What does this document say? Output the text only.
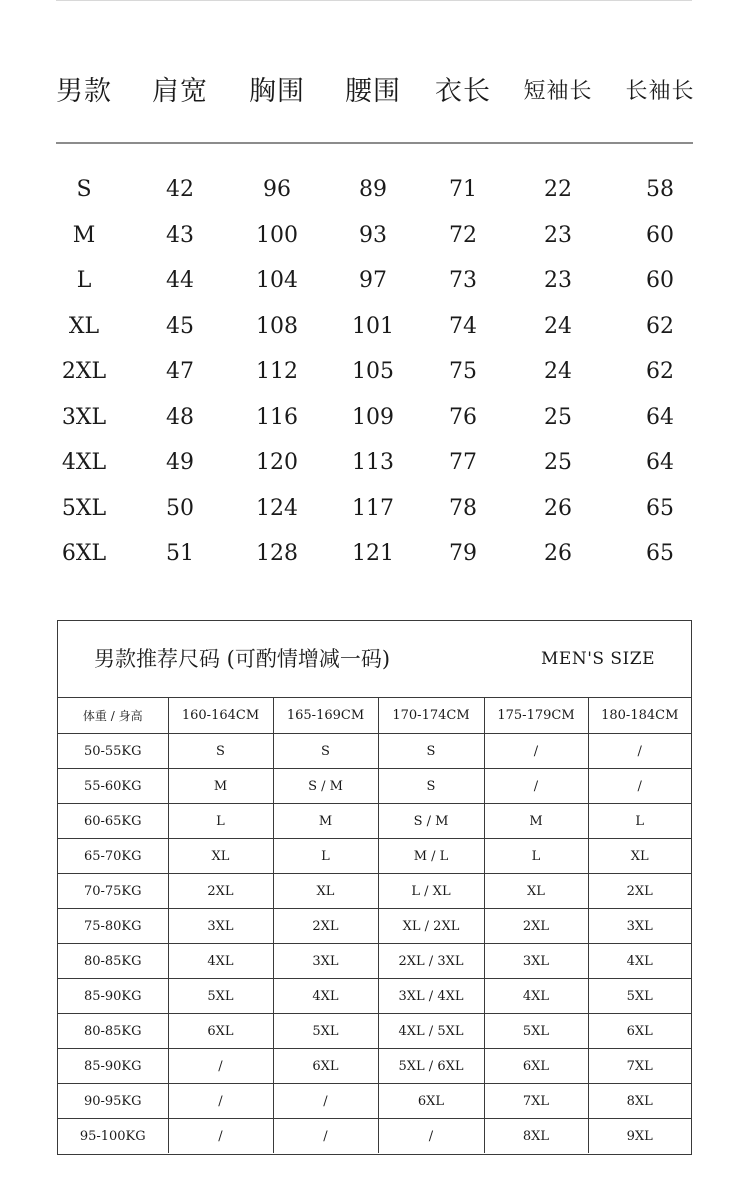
男款 肩宽 胸围 腰围 衣长 短袖长 长袖长
S	42	96	89	71	22	58
M	43	100	93	72	23	60
L	44	104	97	73	23	60
XL	45	108 101	74	24	62
2XL	47	112 105	75	24	62
3XL	48	116 109	76	25	64
4XL	49	120 113	77	25	64
5XL	50	124 117	78	26	65
6XL	51	128 121	79	26	65
男款推荐尺码 (可酌情增减一码)	MEN'S SIZE
体重 / 身高	160-164CM	165-169CM	170-174CM	175-179CM	180-184CM
50-55KG	S	S	S	/	/
55-60KG	M	S / M	S	/	/
60-65KG	L	M	S / M	M	L
65-70KG	XL	L	M / L	L	XL
70-75KG	2XL	XL	L / XL	XL	2XL
75-80KG	3XL	2XL	XL / 2XL	2XL	3XL
80-85KG	4XL	3XL	2XL / 3XL	3XL	4XL
85-90KG	5XL	4XL	3XL / 4XL	4XL	5XL
80-85KG	6XL	5XL	4XL / 5XL	5XL	6XL
85-90KG	/	6XL	5XL / 6XL	6XL	7XL
90-95KG	/	/	6XL	7XL	8XL
95-100KG	/	/	/	8XL	9XL
